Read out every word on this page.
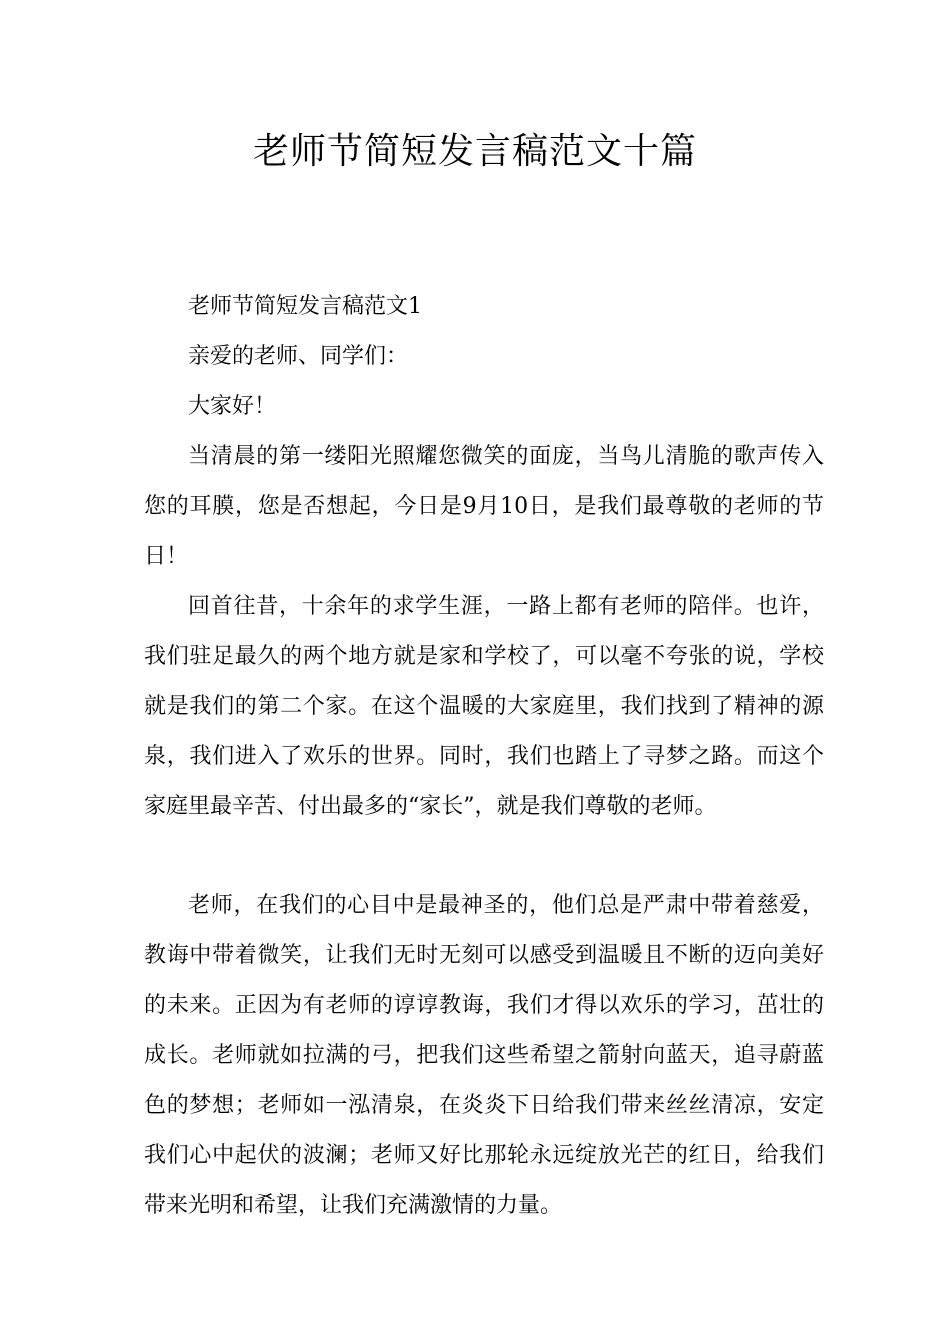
老师节简短发言稿范文十篇

老师节简短发言稿范文1

亲爱的老师、同学们：

大家好！

当清晨的第一缕阳光照耀您微笑的面庞，当鸟儿清脆的歌声传入您的耳膜，您是否想起，今日是9月10日，是我们最尊敬的老师的节日！

回首往昔，十余年的求学生涯，一路上都有老师的陪伴。也许，我们驻足最久的两个地方就是家和学校了，可以毫不夸张的说，学校就是我们的第二个家。在这个温暖的大家庭里，我们找到了精神的源泉，我们进入了欢乐的世界。同时，我们也踏上了寻梦之路。而这个家庭里最辛苦、付出最多的“家长”，就是我们尊敬的老师。

老师，在我们的心目中是最神圣的，他们总是严肃中带着慈爱，教诲中带着微笑，让我们无时无刻可以感受到温暖且不断的迈向美好的未来。正因为有老师的谆谆教诲，我们才得以欢乐的学习，茁壮的成长。老师就如拉满的弓，把我们这些希望之箭射向蓝天，追寻蔚蓝色的梦想；老师如一泓清泉，在炎炎下日给我们带来丝丝清凉，安定我们心中起伏的波澜；老师又好比那轮永远绽放光芒的红日，给我们带来光明和希望，让我们充满激情的力量。
